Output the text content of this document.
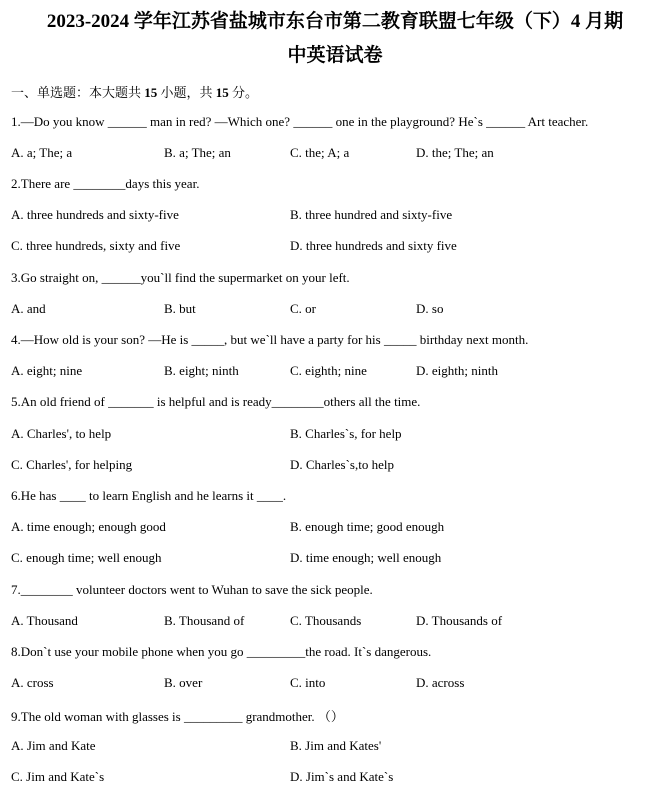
2023-2024 学年江苏省盐城市东台市第二教育联盟七年级（下）4 月期
中英语试卷
一、单选题：本大题共 15 小题，共 15 分。
1.—Do you know ______ man in red? —Which one? ______ one in the playground? He`s ______ Art teacher.
A. a; The; a	B. a; The; an	C. the; A; a	D. the; The; an
2.There are ________days this year.
A. three hundreds and sixty-five	B. three hundred and sixty-five
C. three hundreds, sixty and five	D. three hundreds and sixty five
3.Go straight on, ______you`ll find the supermarket on your left.
A. and	B. but	C. or	D. so
4.—How old is your son? —He is _____, but we`ll have a party for his _____ birthday next month.
A. eight; nine	B. eight; ninth	C. eighth; nine	D. eighth; ninth
5.An old friend of _______ is helpful and is ready________others all the time.
A. Charles', to help	B. Charles`s, for help
C. Charles', for helping	D. Charles`s,to help
6.He has ____ to learn English and he learns it ____.
A. time enough; enough good	B. enough time; good enough
C. enough time; well enough	D. time enough; well enough
7.________ volunteer doctors went to Wuhan to save the sick people.
A. Thousand	B. Thousand of	C. Thousands	D. Thousands of
8.Don`t use your mobile phone when you go _________the road. It`s dangerous.
A. cross	B. over	C. into	D. across
9.The old woman with glasses is _________ grandmother. （）
A. Jim and Kate	B. Jim and Kates'
C. Jim and Kate`s	D. Jim`s and Kate`s
